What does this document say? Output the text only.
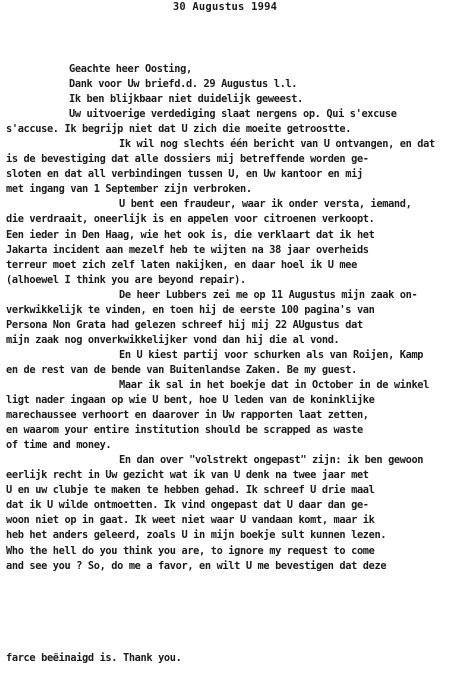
30 Augustus 1994
Geachte heer Oosting,
Dank voor Uw briefd.d. 29 Augustus l.l.
Ik ben blijkbaar niet duidelijk geweest.
Uw uitvoerige verdediging slaat nergens op. Qui s'excuse
s'accuse. Ik begrijp niet dat U zich die moeite getroostte.
Ik wil nog slechts één bericht van U ontvangen, en dat
is de bevestiging dat alle dossiers mij betreffende worden ge-
sloten en dat all verbindingen tussen U, en Uw kantoor en mij
met ingang van 1 September zijn verbroken.
U bent een fraudeur, waar ik onder versta, iemand,
die verdraait, oneerlijk is en appelen voor citroenen verkoopt.
Een ieder in Den Haag, wie het ook is, die verklaart dat ik het
Jakarta incident aan mezelf heb te wijten na 38 jaar overheids
terreur moet zich zelf laten nakijken, en daar hoel ik U mee
(alhoewel I think you are beyond repair).
De heer Lubbers zei me op 11 Augustus mijn zaak on-
verkwikkelijk te vinden, en toen hij de eerste 100 pagina's van
Persona Non Grata had gelezen schreef hij mij 22 AUgustus dat
mijn zaak nog onverkwikkelijker vond dan hij die al vond.
En U kiest partij voor schurken als van Roijen, Kamp
en de rest van de bende van Buitenlandse Zaken. Be my guest.
Maar ik sal in het boekje dat in October in de winkel
ligt nader ingaan op wie U bent, hoe U leden van de koninklijke
marechaussee verhoort en daarover in Uw rapporten laat zetten,
en waarom your entire institution should be scrapped as waste
of time and money.
En dan over "volstrekt ongepast" zijn: ik ben gewoon
eerlijk recht in Uw gezicht wat ik van U denk na twee jaar met
U en uw clubje te maken te hebben gehad. Ik schreef U drie maal
dat ik U wilde ontmoetten. Ik vind ongepast dat U daar dan ge-
woon niet op in gaat. Ik weet niet waar U vandaan komt, maar ik
heb het anders geleerd, zoals U in mijn boekje sult kunnen lezen.
Who the hell do you think you are, to ignore my request to come
and see you ? So, do me a favor, en wilt U me bevestigen dat deze
farce beëinaigd is. Thank you.
